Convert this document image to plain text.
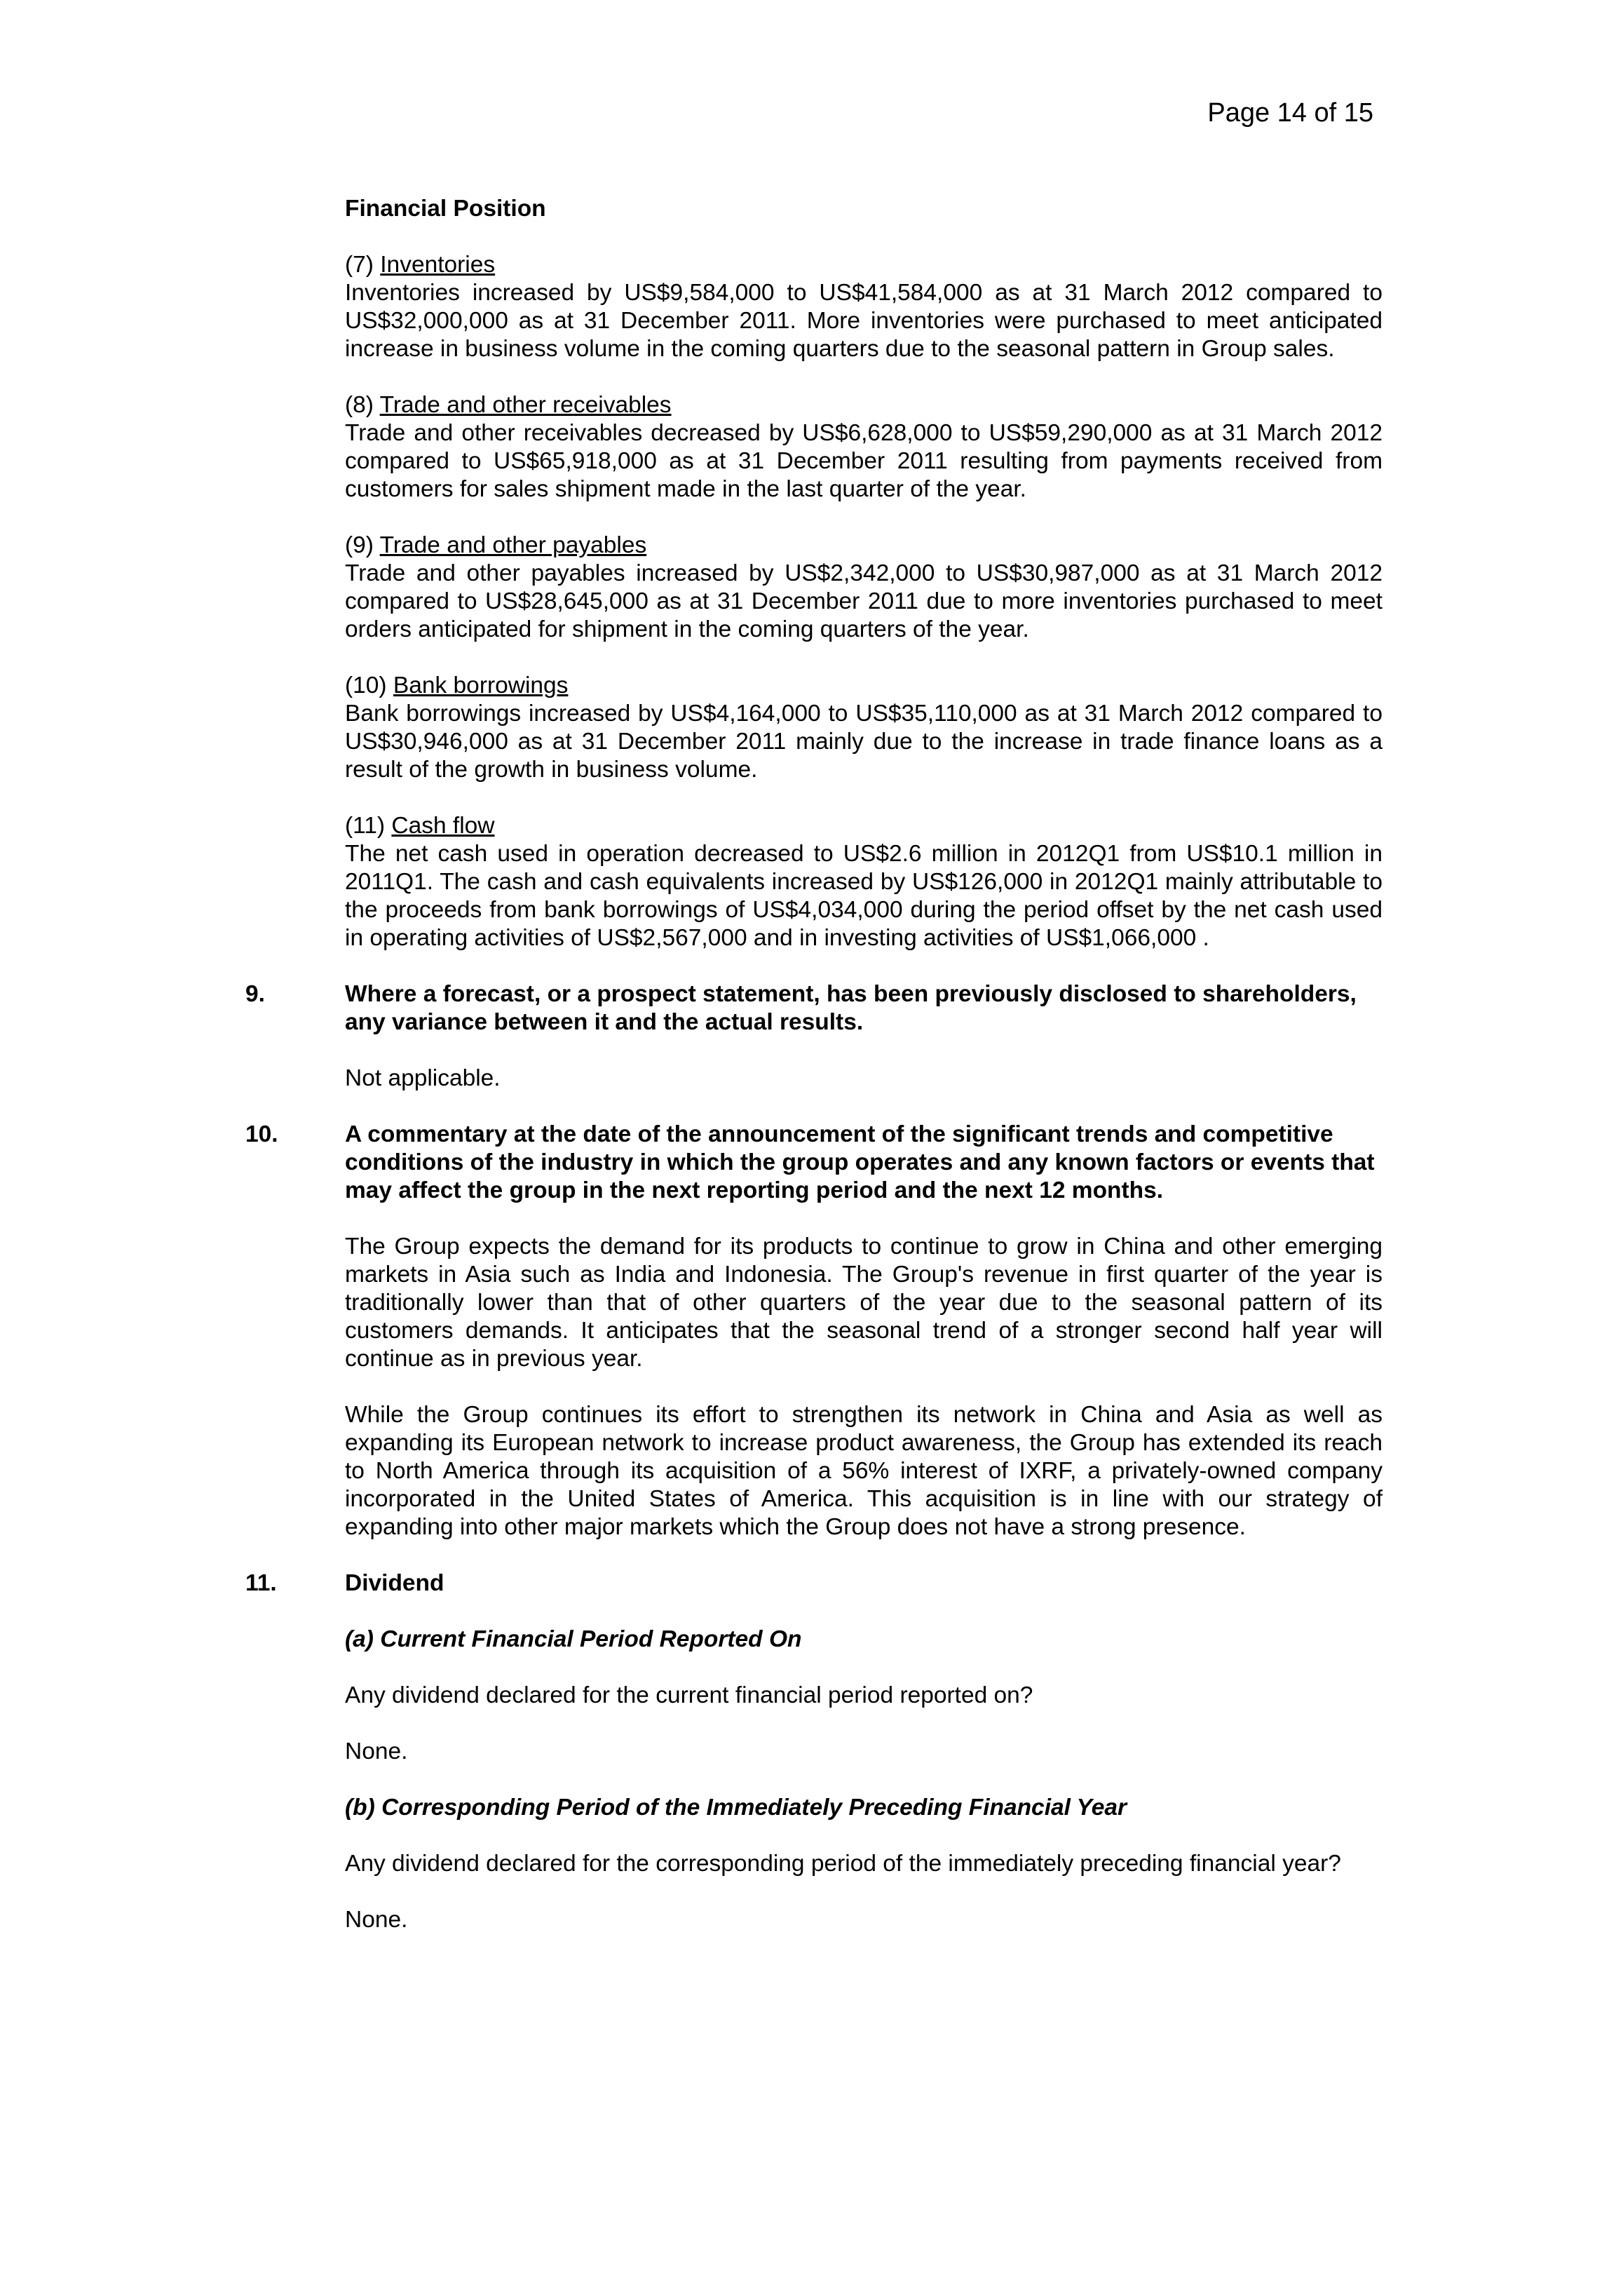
Page 14 of 15

Financial Position

(7) Inventories

Inventories increased by US$9,584,000 to US$41,584,000 as at 31 March 2012 compared to US$32,000,000 as at 31 December 2011. More inventories were purchased to meet anticipated increase in business volume in the coming quarters due to the seasonal pattern in Group sales.

(8) Trade and other receivables

Trade and other receivables decreased by US$6,628,000 to US$59,290,000 as at 31 March 2012 compared to US$65,918,000 as at 31 December 2011 resulting from payments received from customers for sales shipment made in the last quarter of the year.

(9) Trade and other payables

Trade and other payables increased by US$2,342,000 to US$30,987,000 as at 31 March 2012 compared to US$28,645,000 as at 31 December 2011 due to more inventories purchased to meet orders anticipated for shipment in the coming quarters of the year.

(10) Bank borrowings

Bank borrowings increased by US$4,164,000 to US$35,110,000 as at 31 March 2012 compared to US$30,946,000 as at 31 December 2011 mainly due to the increase in trade finance loans as a result of the growth in business volume.

(11) Cash flow

The net cash used in operation decreased to US$2.6 million in 2012Q1 from US$10.1 million in 2011Q1. The cash and cash equivalents increased by US$126,000 in 2012Q1 mainly attributable to the proceeds from bank borrowings of US$4,034,000 during the period offset by the net cash used in operating activities of US$2,567,000 and in investing activities of US$1,066,000 .

9.	Where a forecast, or a prospect statement, has been previously disclosed to shareholders, any variance between it and the actual results.

Not applicable.

10.	A commentary at the date of the announcement of the significant trends and competitive conditions of the industry in which the group operates and any known factors or events that may affect the group in the next reporting period and the next 12 months.

The Group expects the demand for its products to continue to grow in China and other emerging markets in Asia such as India and Indonesia. The Group's revenue in first quarter of the year is traditionally lower than that of other quarters of the year due to the seasonal pattern of its customers demands. It anticipates that the seasonal trend of a stronger second half year will continue as in previous year.

While the Group continues its effort to strengthen its network in China and Asia as well as expanding its European network to increase product awareness, the Group has extended its reach to North America through its acquisition of a 56% interest of IXRF, a privately-owned company incorporated in the United States of America. This acquisition is in line with our strategy of expanding into other major markets which the Group does not have a strong presence.

11.	Dividend

(a) Current Financial Period Reported On

Any dividend declared for the current financial period reported on?

None.

(b) Corresponding Period of the Immediately Preceding Financial Year

Any dividend declared for the corresponding period of the immediately preceding financial year?

None.
